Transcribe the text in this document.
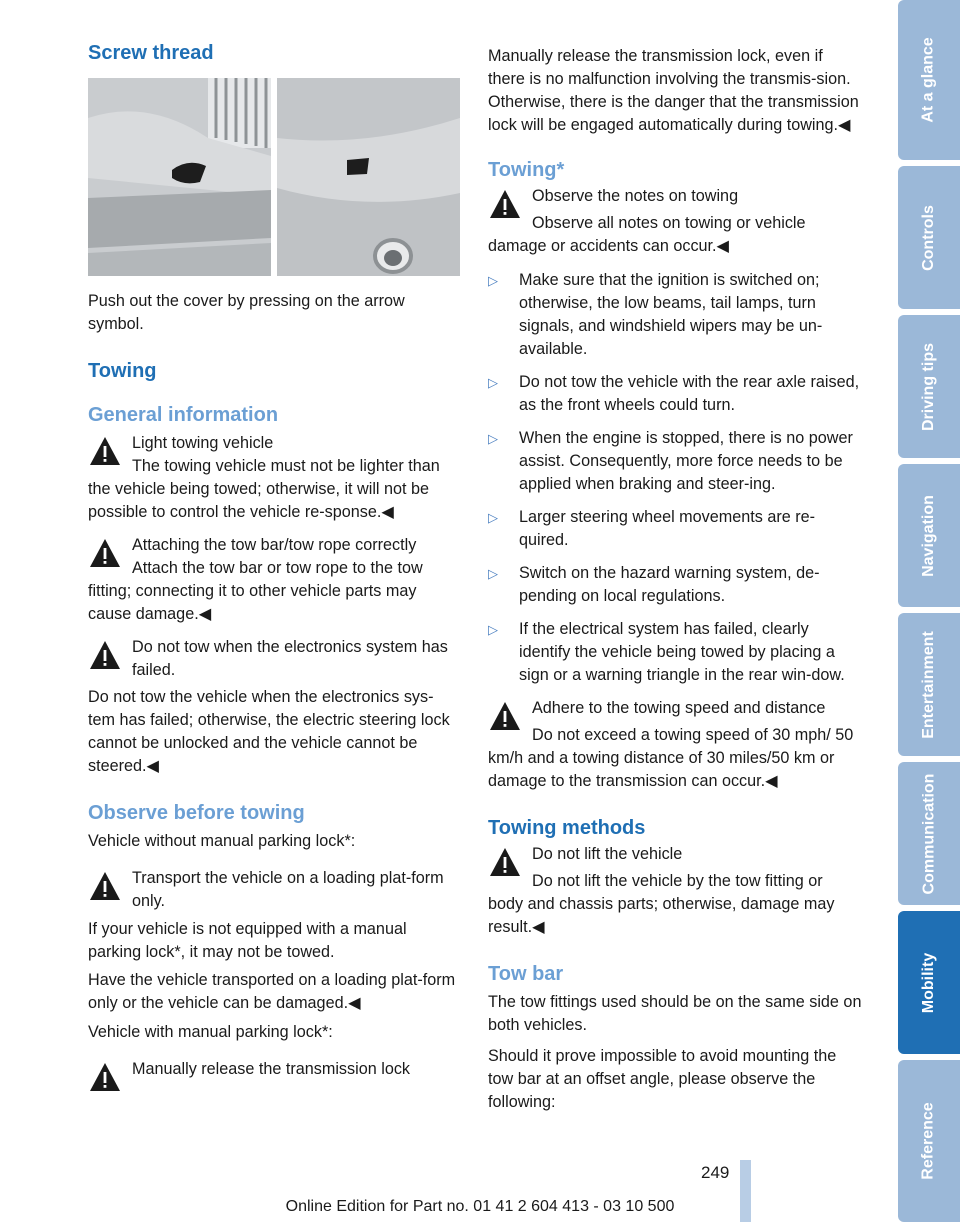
Screw thread

Push out the cover by pressing on the arrow symbol.

Towing
General information

Light towing vehicle

The towing vehicle must not be lighter than the vehicle being towed; otherwise, it will not be possible to control the vehicle re-sponse.◀

Attaching the tow bar/tow rope correctly

Attach the tow bar or tow rope to the tow fitting; connecting it to other vehicle parts may cause damage.◀

Do not tow when the electronics system has failed.

Do not tow the vehicle when the electronics sys-tem has failed; otherwise, the electric steering lock cannot be unlocked and the vehicle cannot be steered.◀

Observe before towing

Vehicle without manual parking lock*:

Transport the vehicle on a loading plat-form only.

If your vehicle is not equipped with a manual parking lock*, it may not be towed.

Have the vehicle transported on a loading plat-form only or the vehicle can be damaged.◀

Vehicle with manual parking lock*:

Manually release the transmission lock

Manually release the transmission lock, even if there is no malfunction involving the transmis-sion. Otherwise, there is the danger that the transmission lock will be engaged automatically during towing.◀

Towing*

Observe the notes on towing

Observe all notes on towing or vehicle damage or accidents can occur.◀

▷ Make sure that the ignition is switched on; otherwise, the low beams, tail lamps, turn signals, and windshield wipers may be un-available.
▷ Do not tow the vehicle with the rear axle raised, as the front wheels could turn.
▷ When the engine is stopped, there is no power assist. Consequently, more force needs to be applied when braking and steer-ing.
▷ Larger steering wheel movements are re-quired.
▷ Switch on the hazard warning system, de-pending on local regulations.
▷ If the electrical system has failed, clearly identify the vehicle being towed by placing a sign or a warning triangle in the rear win-dow.

Adhere to the towing speed and distance

Do not exceed a towing speed of 30 mph/ 50 km/h and a towing distance of 30 miles/50 km or damage to the transmission can occur.◀

Towing methods

Do not lift the vehicle

Do not lift the vehicle by the tow fitting or body and chassis parts; otherwise, damage may result.◀

Tow bar

The tow fittings used should be on the same side on both vehicles.

Should it prove impossible to avoid mounting the tow bar at an offset angle, please observe the following:

At a glance
Controls
Driving tips
Navigation
Entertainment
Communication
Mobility
Reference
249
Online Edition for Part no. 01 41 2 604 413 - 03 10 500
